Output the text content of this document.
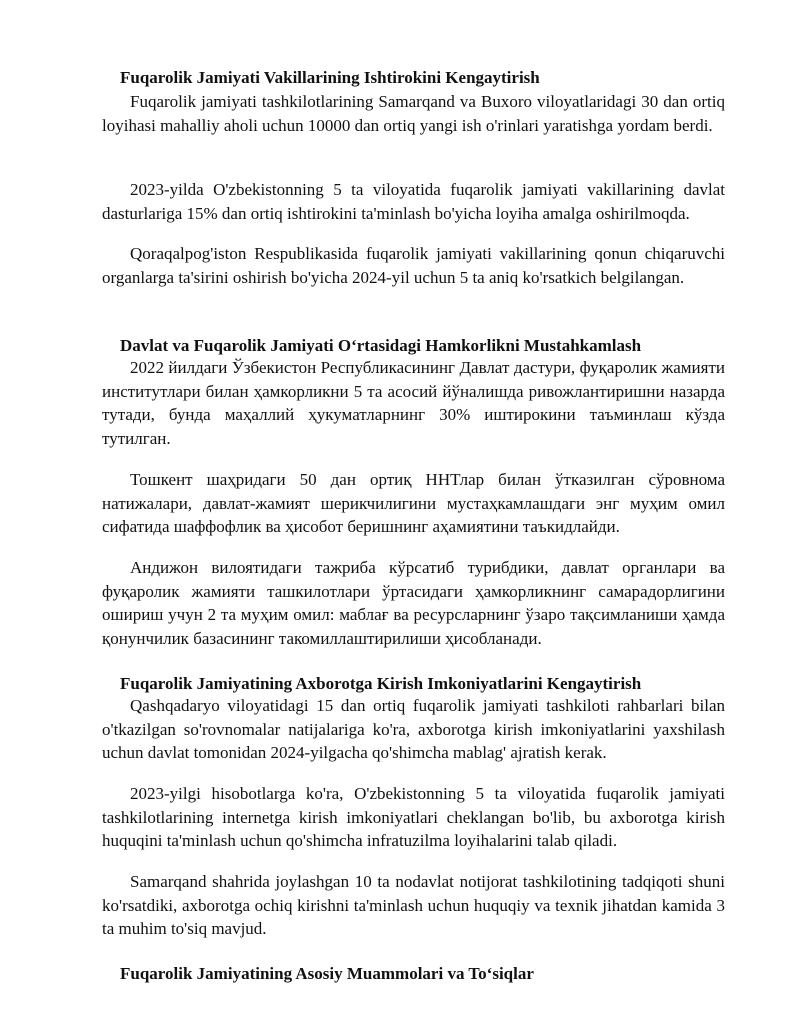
Fuqarolik Jamiyati Vakillarining Ishtirokini Kengaytirish

Fuqarolik jamiyati tashkilotlarining Samarqand va Buxoro viloyatlaridagi 30 dan ortiq loyihasi mahalliy aholi uchun 10000 dan ortiq yangi ish o'rinlari yaratishga yordam berdi.

2023-yilda O'zbekistonning 5 ta viloyatida fuqarolik jamiyati vakillarining davlat dasturlariga 15% dan ortiq ishtirokini ta'minlash bo'yicha loyiha amalga oshirilmoqda.

Qoraqalpog'iston Respublikasida fuqarolik jamiyati vakillarining qonun chiqaruvchi organlarga ta'sirini oshirish bo'yicha 2024-yil uchun 5 ta aniq ko'rsatkich belgilangan.

Davlat va Fuqarolik Jamiyati O‘rtasidagi Hamkorlikni Mustahkamlash

2022 йилдаги Ўзбекистон Республикасининг Давлат дастури, фуқаролик жамияти институтлари билан ҳамкорликни 5 та асосий йўналишда ривожлантиришни назарда тутади, бунда маҳаллий ҳукуматларнинг 30% иштирокини таъминлаш кўзда тутилган.

Тошкент шаҳридаги 50 дан ортиқ ННТлар билан ўтказилган сўровнома натижалари, давлат-жамият шерикчилигини мустаҳкамлашдаги энг муҳим омил сифатида шаффофлик ва ҳисобот беришнинг аҳамиятини таъкидлайди.

Андижон вилоятидаги тажриба кўрсатиб турибдики, давлат органлари ва фуқаролик жамияти ташкилотлари ўртасидаги ҳамкорликнинг самарадорлигини ошириш учун 2 та муҳим омил: маблағ ва ресурсларнинг ўзаро тақсимланиши ҳамда қонунчилик базасининг такомиллаштирилиши ҳисобланади.

Fuqarolik Jamiyatining Axborotga Kirish Imkoniyatlarini Kengaytirish

Qashqadaryo viloyatidagi 15 dan ortiq fuqarolik jamiyati tashkiloti rahbarlari bilan o'tkazilgan so'rovnomalar natijalariga ko'ra, axborotga kirish imkoniyatlarini yaxshilash uchun davlat tomonidan 2024-yilgacha qo'shimcha mablag' ajratish kerak.

2023-yilgi hisobotlarga ko'ra, O'zbekistonning 5 ta viloyatida fuqarolik jamiyati tashkilotlarining internetga kirish imkoniyatlari cheklangan bo'lib, bu axborotga kirish huquqini ta'minlash uchun qo'shimcha infratuzilma loyihalarini talab qiladi.

Samarqand shahrida joylashgan 10 ta nodavlat notijorat tashkilotining tadqiqoti shuni ko'rsatdiki, axborotga ochiq kirishni ta'minlash uchun huquqiy va texnik jihatdan kamida 3 ta muhim to'siq mavjud.

Fuqarolik Jamiyatining Asosiy Muammolari va To‘siqlar
